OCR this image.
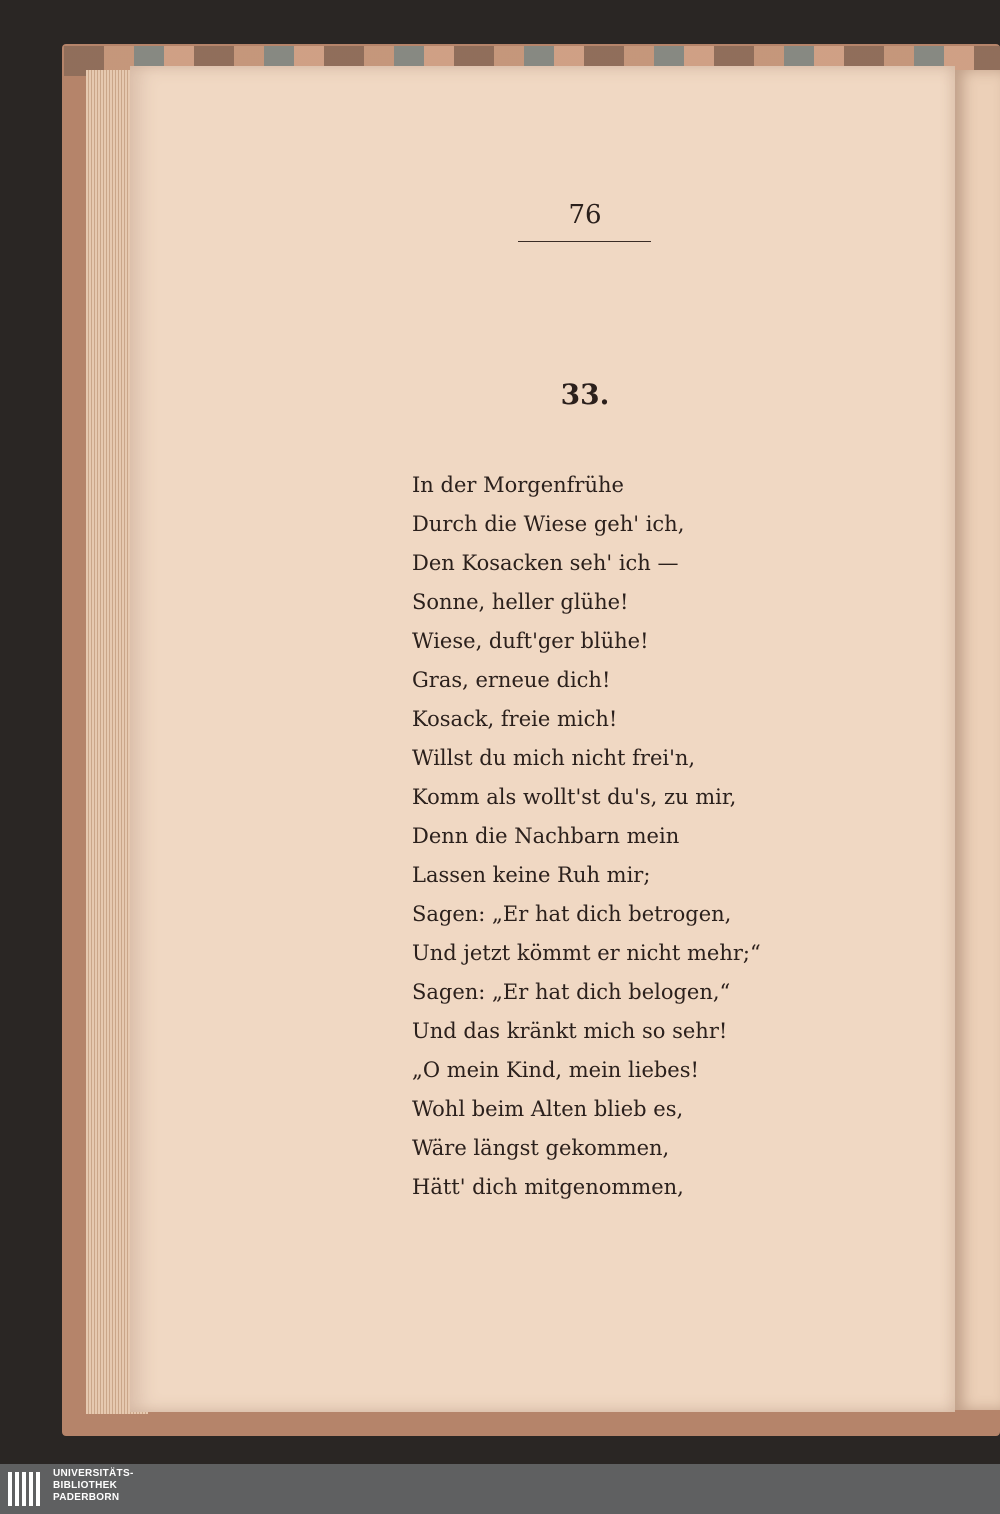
76
33.
In der Morgenfrühe
Durch die Wiese geh' ich,
Den Kosacken seh' ich —
Sonne, heller glühe!
Wiese, duft'ger blühe!
Gras, erneue dich!
Kosack, freie mich!
Willst du mich nicht frei'n,
Komm als wollt'st du's, zu mir,
Denn die Nachbarn mein
Lassen keine Ruh mir;
Sagen: „Er hat dich betrogen,
Und jetzt kömmt er nicht mehr;“
Sagen: „Er hat dich belogen,“
Und das kränkt mich so sehr!
„O mein Kind, mein liebes!
Wohl beim Alten blieb es,
Wäre längst gekommen,
Hätt' dich mitgenommen,
UNIVERSITÄTS-
BIBLIOTHEK
PADERBORN
